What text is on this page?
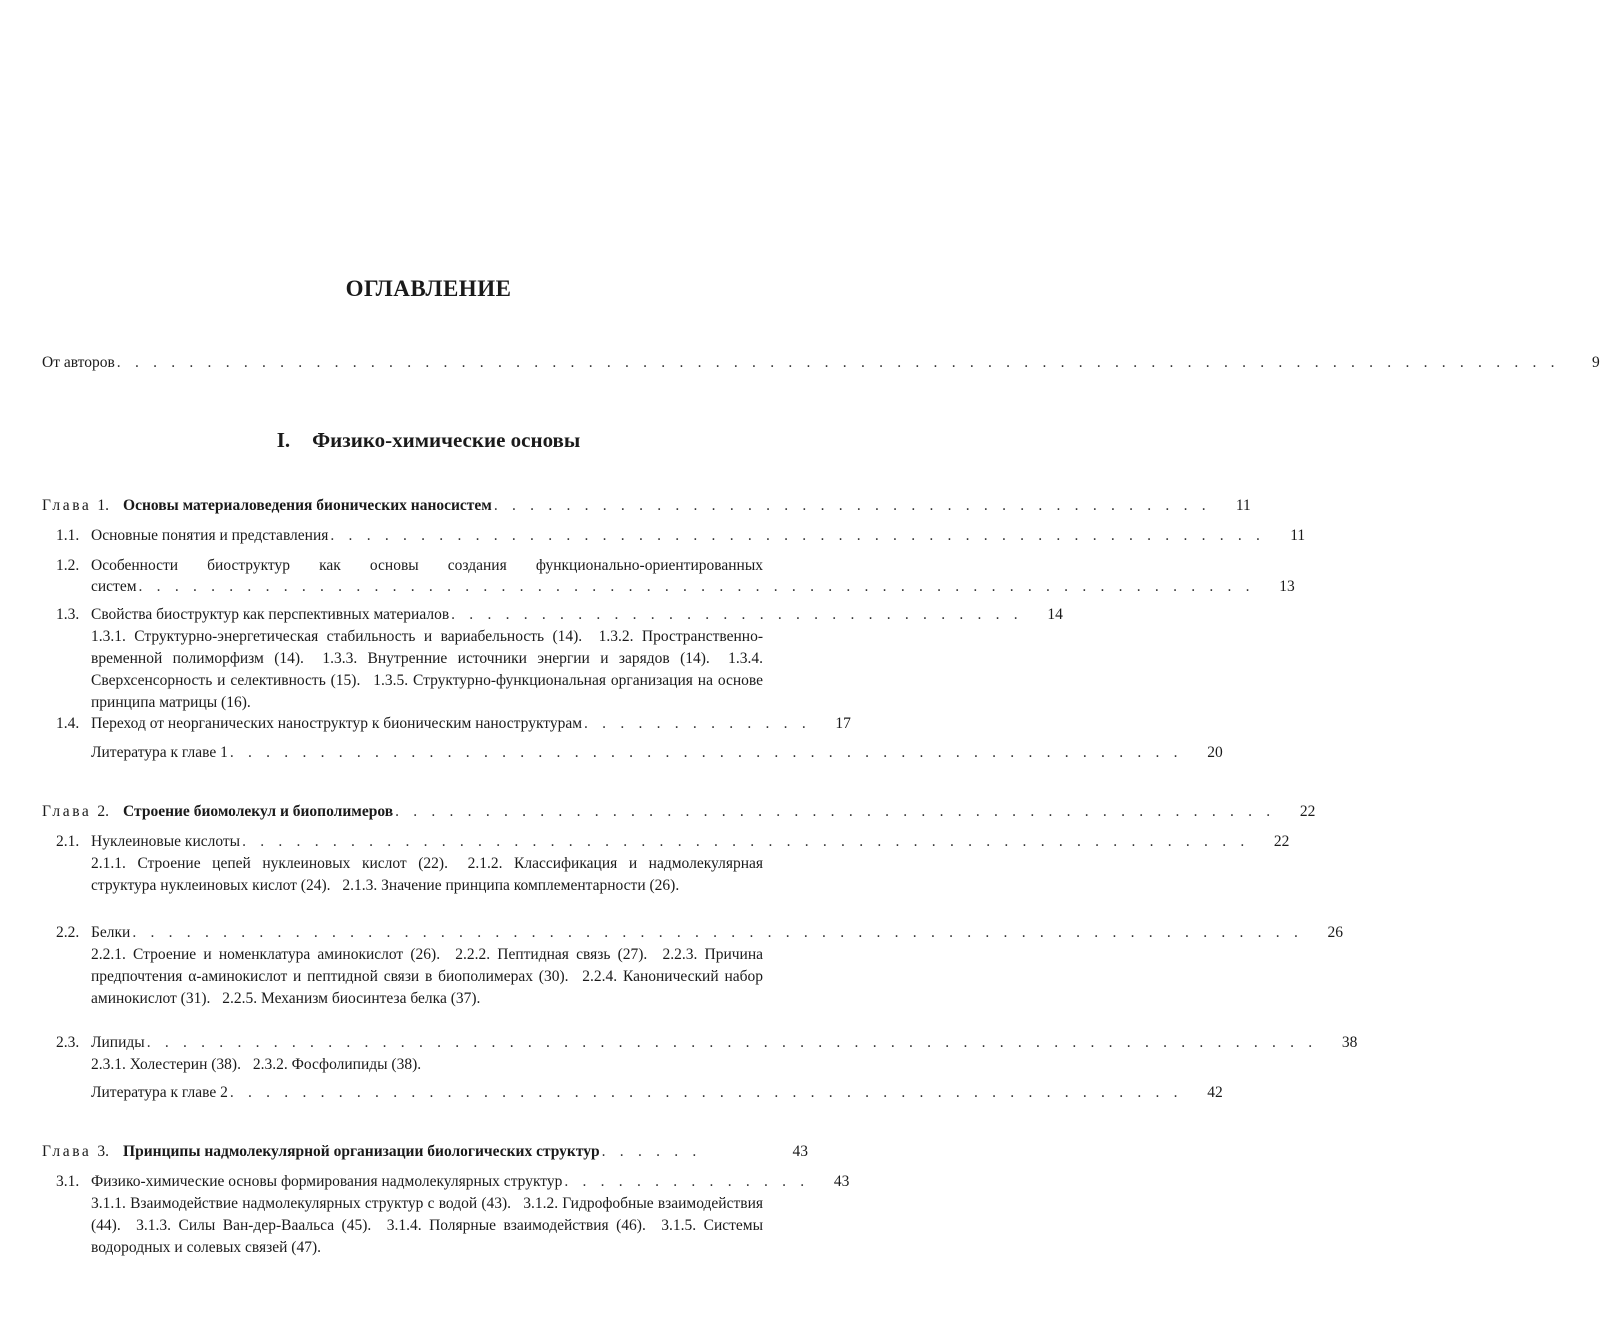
ОГЛАВЛЕНИЕ
От авторов . . . . . . . . . . . . . . . . . . . . . . . . . . . . . . . . . . . . . . . . . . . . . . . . . . . . . . . . . . . . . . . . . . . . . . . . . . . . . . . .	9
I. Физико-химические основы
Глава 1. Основы материаловедения бионических наносистем . . . . . . . . . . . . . . . . . . . . . . . . . . . . . . . . . . . . . . . .	11
1.1. Основные понятия и представления . . . . . . . . . . . . . . . . . . . . . . . . . . . . . . . . . . . . . . . . . . . . . . . . . . . .	11
1.2. Особенности биоструктур как основы создания функционально-ориентированных
систем . . . . . . . . . . . . . . . . . . . . . . . . . . . . . . . . . . . . . . . . . . . . . . . . . . . . . . . . . . . . . .	13
1.3. Свойства биоструктур как перспективных материалов . . . . . . . . . . . . . . . . . . . . . . . . . . . . . . . .	14
1.3.1. Структурно-энергетическая стабильность и вариабельность (14). 1.3.2. Пространственно-временной полиморфизм (14). 1.3.3. Внутренние источники энергии и зарядов (14). 1.3.4. Сверхсенсорность и селективность (15). 1.3.5. Структурно-функциональная организация на основе принципа матрицы (16).
1.4. Переход от неорганических наноструктур к бионическим наноструктурам . . . . . . . . . . . . .	17
Литература к главе 1 . . . . . . . . . . . . . . . . . . . . . . . . . . . . . . . . . . . . . . . . . . . . . . . . . . . . .	20
Глава 2. Строение биомолекул и биополимеров . . . . . . . . . . . . . . . . . . . . . . . . . . . . . . . . . . . . . . . . . . . . . . . . .	22
2.1. Нуклеиновые кислоты . . . . . . . . . . . . . . . . . . . . . . . . . . . . . . . . . . . . . . . . . . . . . . . . . . . . . . . .	22
2.1.1. Строение цепей нуклеиновых кислот (22). 2.1.2. Классификация и надмолекулярная структура нуклеиновых кислот (24). 2.1.3. Значение принципа комплементарности (26).
2.2. Белки . . . . . . . . . . . . . . . . . . . . . . . . . . . . . . . . . . . . . . . . . . . . . . . . . . . . . . . . . . . . . . . . .	26
2.2.1. Строение и номенклатура аминокислот (26). 2.2.2. Пептидная связь (27). 2.2.3. Причина предпочтения α-аминокислот и пептидной связи в биополимерах (30). 2.2.4. Канонический набор аминокислот (31). 2.2.5. Механизм биосинтеза белка (37).
2.3. Липиды . . . . . . . . . . . . . . . . . . . . . . . . . . . . . . . . . . . . . . . . . . . . . . . . . . . . . . . . . . . . . . . . .	38
2.3.1. Холестерин (38). 2.3.2. Фосфолипиды (38).
Литература к главе 2 . . . . . . . . . . . . . . . . . . . . . . . . . . . . . . . . . . . . . . . . . . . . . . . . . . . . .	42
Глава 3. Принципы надмолекулярной организации биологических структур . . . . . .	43
3.1. Физико-химические основы формирования надмолекулярных структур . . . . . . . . . . . . . .	43
3.1.1. Взаимодействие надмолекулярных структур с водой (43). 3.1.2. Гидрофобные взаимодействия (44). 3.1.3. Силы Ван-дер-Ваальса (45). 3.1.4. Полярные взаимодействия (46). 3.1.5. Системы водородных и солевых связей (47).
